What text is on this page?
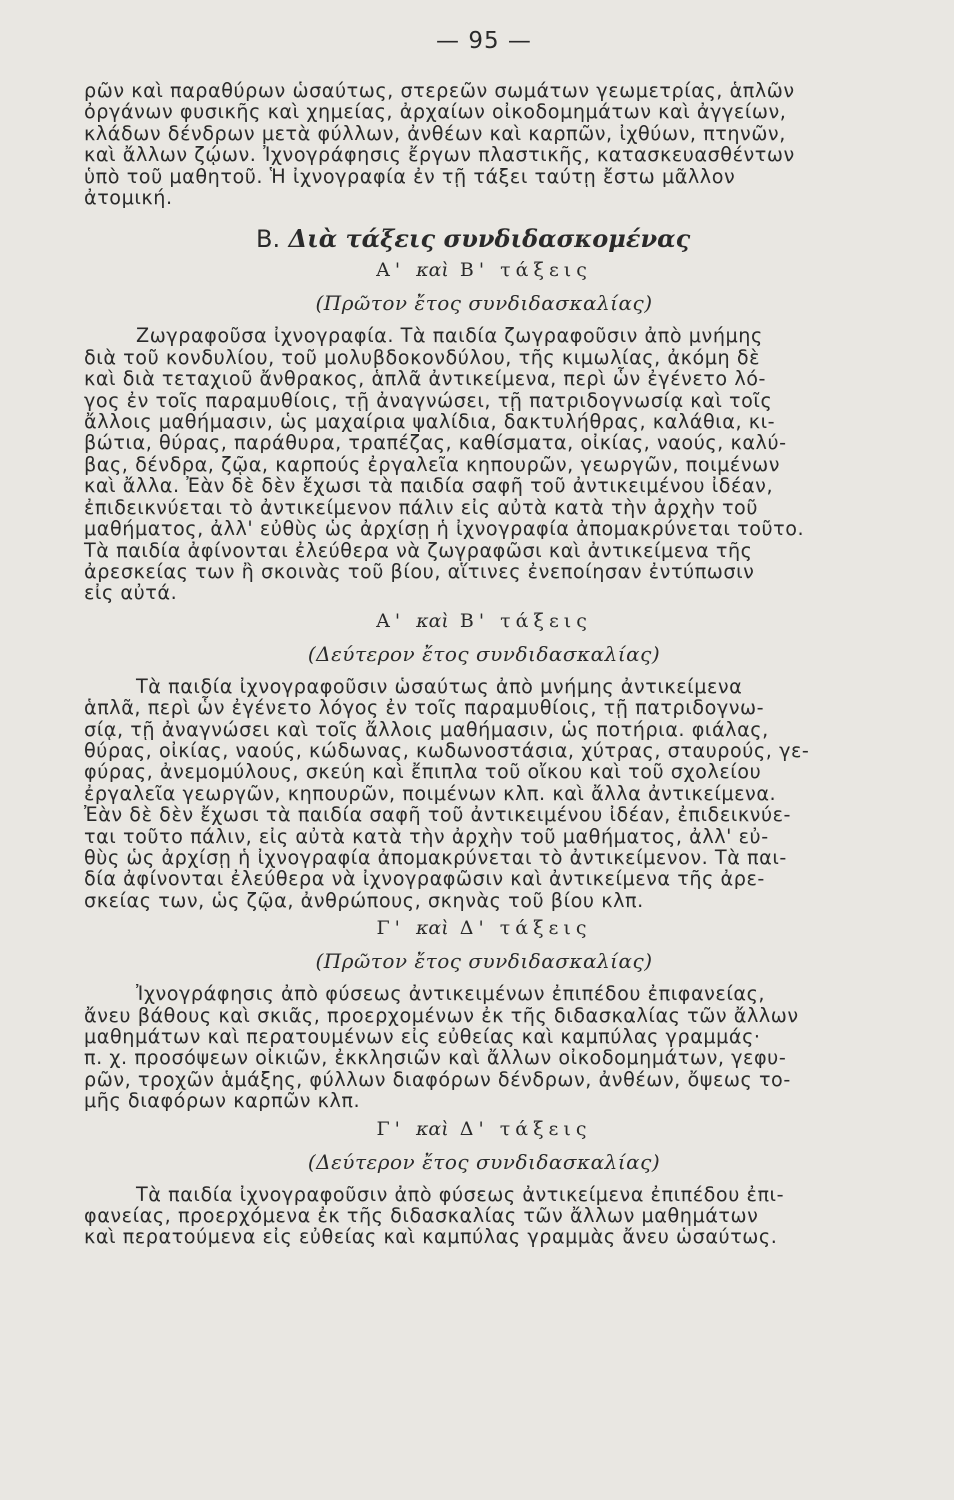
— 95 —
ρῶν καὶ παραθύρων ὡσαύτως, στερεῶν σωμάτων γεωμετρίας, ἁπλῶν
ὀργάνων φυσικῆς καὶ χημείας, ἀρχαίων οἰκοδομημάτων καὶ ἀγγείων,
κλάδων δένδρων μετὰ φύλλων, ἀνθέων καὶ καρπῶν, ἰχθύων, πτηνῶν,
καὶ ἄλλων ζῴων. Ἰχνογράφησις ἔργων πλαστικῆς, κατασκευασθέντων
ὑπὸ τοῦ μαθητοῦ. Ἡ ἰχνογραφία ἐν τῇ τάξει ταύτῃ ἔστω μᾶλλον
ἀτομική.
B. Διὰ τάξεις συνδιδασκομένας
Α' καὶ Β' τάξεις
(Πρῶτον ἔτος συνδιδασκαλίας)
Ζωγραφοῦσα ἰχνογραφία. Τὰ παιδία ζωγραφοῦσιν ἀπὸ μνήμης
διὰ τοῦ κονδυλίου, τοῦ μολυβδοκονδύλου, τῆς κιμωλίας, ἀκόμη δὲ
καὶ διὰ τεταχιοῦ ἄνθρακος, ἁπλᾶ ἀντικείμενα, περὶ ὧν ἐγένετο λό-
γος ἐν τοῖς παραμυθίοις, τῇ ἀναγνώσει, τῇ πατριδογνωσίᾳ καὶ τοῖς
ἄλλοις μαθήμασιν, ὡς μαχαίρια ψαλίδια, δακτυλήθρας, καλάθια, κι-
βώτια, θύρας, παράθυρα, τραπέζας, καθίσματα, οἰκίας, ναούς, καλύ-
βας, δένδρα, ζῷα, καρπούς ἐργαλεῖα κηπουρῶν, γεωργῶν, ποιμένων
καὶ ἄλλα. Ἐὰν δὲ δὲν ἔχωσι τὰ παιδία σαφῆ τοῦ ἀντικειμένου ἰδέαν,
ἐπιδεικνύεται τὸ ἀντικείμενον πάλιν εἰς αὐτὰ κατὰ τὴν ἀρχὴν τοῦ
μαθήματος, ἀλλ' εὐθὺς ὡς ἀρχίσῃ ἡ ἰχνογραφία ἀπομακρύνεται τοῦτο.
Τὰ παιδία ἀφίνονται ἐλεύθερα νὰ ζωγραφῶσι καὶ ἀντικείμενα τῆς
ἀρεσκείας των ἢ σκοινὰς τοῦ βίου, αἵτινες ἐνεποίησαν ἐντύπωσιν
εἰς αὐτά.
Α' καὶ Β' τάξεις
(Δεύτερον ἔτος συνδιδασκαλίας)
Τὰ παιδία ἰχνογραφοῦσιν ὡσαύτως ἀπὸ μνήμης ἀντικείμενα
ἁπλᾶ, περὶ ὧν ἐγένετο λόγος ἐν τοῖς παραμυθίοις, τῇ πατριδογνω-
σίᾳ, τῇ ἀναγνώσει καὶ τοῖς ἄλλοις μαθήμασιν, ὡς ποτήρια. φιάλας,
θύρας, οἰκίας, ναούς, κώδωνας, κωδωνοστάσια, χύτρας, σταυρούς, γε-
φύρας, ἀνεμομύλους, σκεύη καὶ ἔπιπλα τοῦ οἴκου καὶ τοῦ σχολείου
ἐργαλεῖα γεωργῶν, κηπουρῶν, ποιμένων κλπ. καὶ ἄλλα ἀντικείμενα.
Ἐὰν δὲ δὲν ἔχωσι τὰ παιδία σαφῆ τοῦ ἀντικειμένου ἰδέαν, ἐπιδεικνύε-
ται τοῦτο πάλιν, εἰς αὐτὰ κατὰ τὴν ἀρχὴν τοῦ μαθήματος, ἀλλ' εὐ-
θὺς ὡς ἀρχίσῃ ἡ ἰχνογραφία ἀπομακρύνεται τὸ ἀντικείμενον. Τὰ παι-
δία ἀφίνονται ἐλεύθερα νὰ ἰχνογραφῶσιν καὶ ἀντικείμενα τῆς ἀρε-
σκείας των, ὡς ζῷα, ἀνθρώπους, σκηνὰς τοῦ βίου κλπ.
Γ' καὶ Δ' τάξεις
(Πρῶτον ἔτος συνδιδασκαλίας)
Ἰχνογράφησις ἀπὸ φύσεως ἀντικειμένων ἐπιπέδου ἐπιφανείας,
ἄνευ βάθους καὶ σκιᾶς, προερχομένων ἐκ τῆς διδασκαλίας τῶν ἄλλων
μαθημάτων καὶ περατουμένων εἰς εὐθείας καὶ καμπύλας γραμμάς·
π. χ. προσόψεων οἰκιῶν, ἐκκλησιῶν καὶ ἄλλων οἰκοδομημάτων, γεφυ-
ρῶν, τροχῶν ἁμάξης, φύλλων διαφόρων δένδρων, ἀνθέων, ὄψεως το-
μῆς διαφόρων καρπῶν κλπ.
Γ' καὶ Δ' τάξεις
(Δεύτερον ἔτος συνδιδασκαλίας)
Τὰ παιδία ἰχνογραφοῦσιν ἀπὸ φύσεως ἀντικείμενα ἐπιπέδου ἐπι-
φανείας, προερχόμενα ἐκ τῆς διδασκαλίας τῶν ἄλλων μαθημάτων
καὶ περατούμενα εἰς εὐθείας καὶ καμπύλας γραμμὰς ἄνευ ὡσαύτως.
